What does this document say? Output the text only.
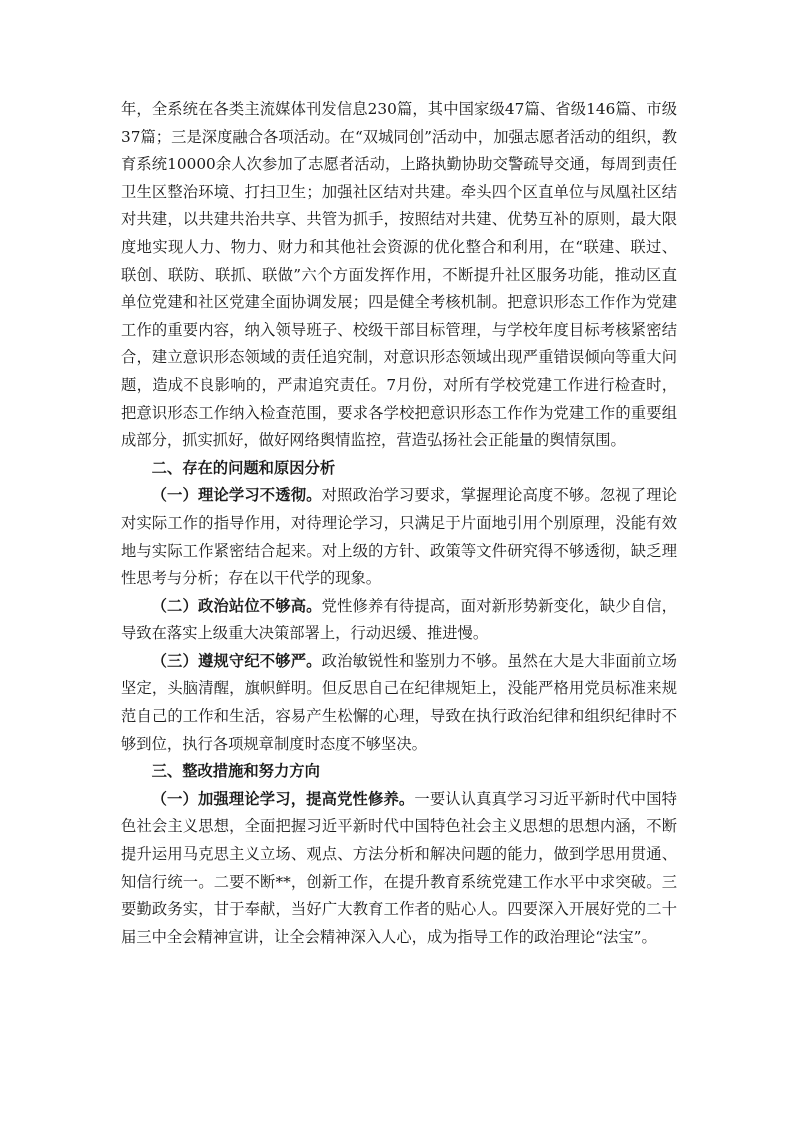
年，全系统在各类主流媒体刊发信息230篇，其中国家级47篇、省级146篇、市级37篇；三是深度融合各项活动。在“双城同创”活动中，加强志愿者活动的组织，教育系统10000余人次参加了志愿者活动，上路执勤协助交警疏导交通，每周到责任卫生区整治环境、打扫卫生；加强社区结对共建。牵头四个区直单位与凤凰社区结对共建，以共建共治共享、共管为抓手，按照结对共建、优势互补的原则，最大限度地实现人力、物力、财力和其他社会资源的优化整合和利用，在“联建、联过、联创、联防、联抓、联做”六个方面发挥作用，不断提升社区服务功能，推动区直单位党建和社区党建全面协调发展；四是健全考核机制。把意识形态工作作为党建工作的重要内容，纳入领导班子、校级干部目标管理，与学校年度目标考核紧密结合，建立意识形态领域的责任追究制，对意识形态领域出现严重错误倾向等重大问题，造成不良影响的，严肃追究责任。7月份，对所有学校党建工作进行检查时，把意识形态工作纳入检查范围，要求各学校把意识形态工作作为党建工作的重要组成部分，抓实抓好，做好网络舆情监控，营造弘扬社会正能量的舆情氛围。

二、存在的问题和原因分析

（一）理论学习不透彻。对照政治学习要求，掌握理论高度不够。忽视了理论对实际工作的指导作用，对待理论学习，只满足于片面地引用个别原理，没能有效地与实际工作紧密结合起来。对上级的方针、政策等文件研究得不够透彻，缺乏理性思考与分析；存在以干代学的现象。

（二）政治站位不够高。党性修养有待提高，面对新形势新变化，缺少自信，导致在落实上级重大决策部署上，行动迟缓、推进慢。

（三）遵规守纪不够严。政治敏锐性和鉴别力不够。虽然在大是大非面前立场坚定，头脑清醒，旗帜鲜明。但反思自己在纪律规矩上，没能严格用党员标准来规范自己的工作和生活，容易产生松懈的心理，导致在执行政治纪律和组织纪律时不够到位，执行各项规章制度时态度不够坚决。

三、整改措施和努力方向

（一）加强理论学习，提高党性修养。一要认认真真学习习近平新时代中国特色社会主义思想，全面把握习近平新时代中国特色社会主义思想的思想内涵，不断提升运用马克思主义立场、观点、方法分析和解决问题的能力，做到学思用贯通、知信行统一。二要不断**，创新工作，在提升教育系统党建工作水平中求突破。三要勤政务实，甘于奉献，当好广大教育工作者的贴心人。四要深入开展好党的二十届三中全会精神宣讲，让全会精神深入人心，成为指导工作的政治理论“法宝”。
